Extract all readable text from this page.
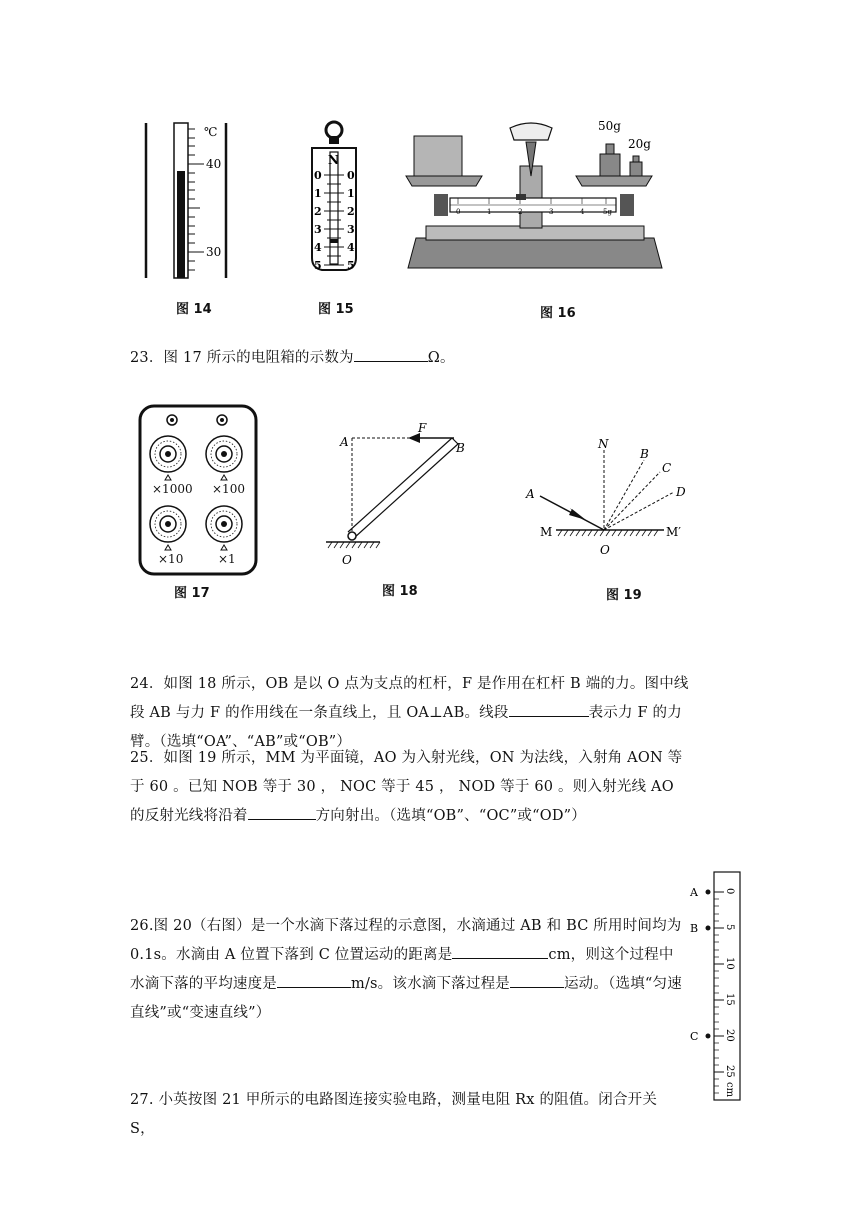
℃
40
30
图 14
N
0
1
2
3
4
5
0
1
2
3
4
5
图 15
0	1	2	3	4	5g
50g
20g
图 16
23．图 17 所示的电阻箱的示数为	Ω。
×1000 ×100
×10	×1
图 17
A
F
B
O
图 18
N
B
C
D
A
M	M′
O
图 19
24．如图 18 所示，OB 是以 O 点为支点的杠杆，F 是作用在杠杆 B 端的力。图中线段 AB 与力 F 的作用线在一条直线上，且 OA⊥AB。线段	表示力 F 的力臂。（选填“OA”、“AB”或“OB”）
25．如图 19 所示，MM 为平面镜，AO 为入射光线，ON 为法线，入射角 AON 等于 60 。已知 NOB 等于 30 ， NOC 等于 45 ， NOD 等于 60 。则入射光线 AO 的反射光线将沿着	方向射出。（选填“OB”、“OC”或“OD”）
26.图 20（右图）是一个水滴下落过程的示意图，水滴通过 AB 和 BC 所用时间均为 0.1s。水滴由 A 位置下落到 C 位置运动的距离是	cm，则这个过程中水滴下落的平均速度是	m/s。该水滴下落过程是	运动。（选填“匀速直线”或“变速直线”）
0
5
10
15
20
25
cm
A
B
C
27. 小英按图 21 甲所示的电路图连接实验电路，测量电阻 Rx 的阻值。闭合开关 S，
